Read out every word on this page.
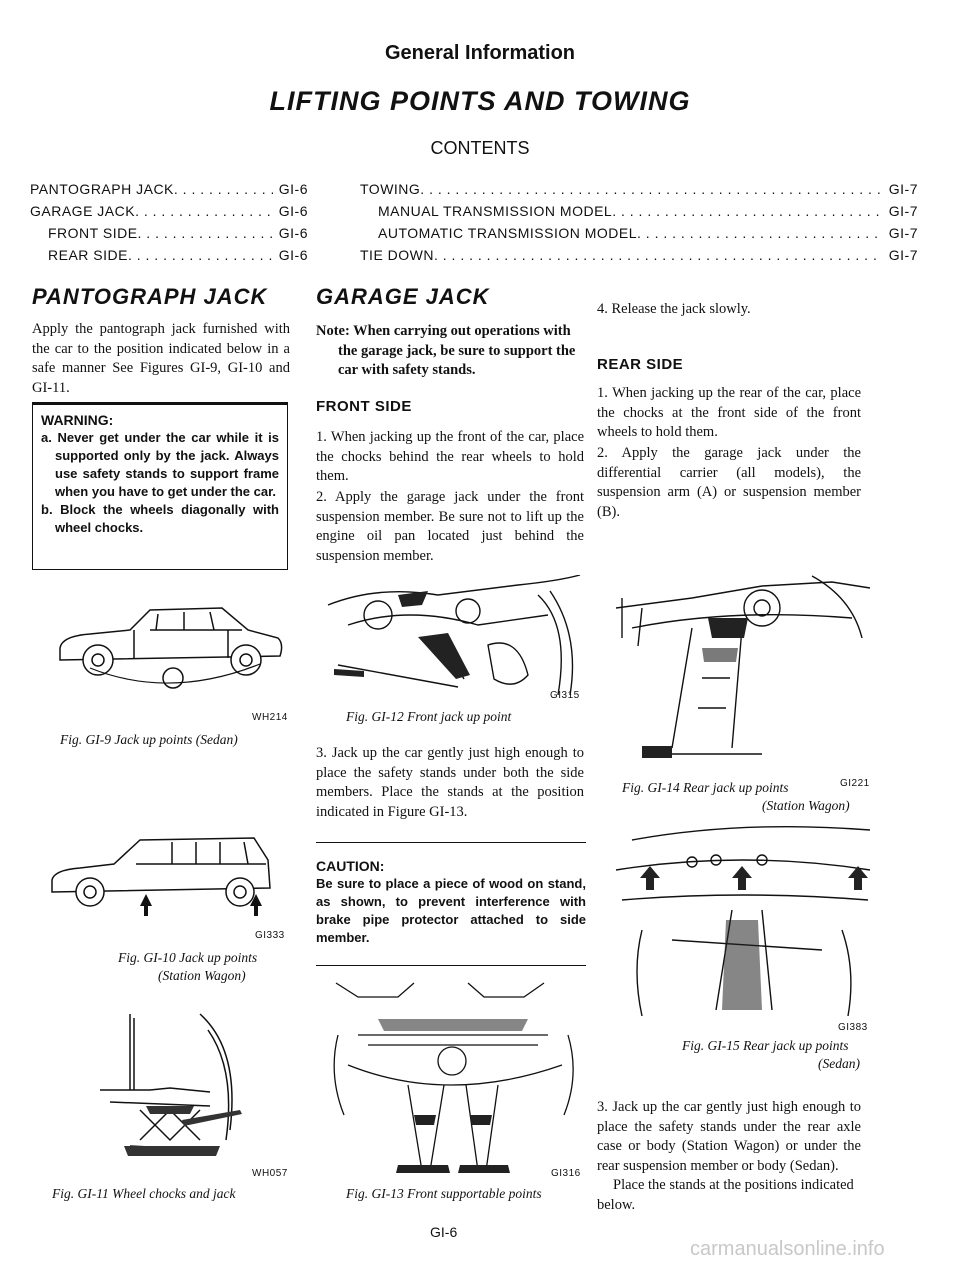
General Information
LIFTING POINTS AND TOWING
CONTENTS
PANTOGRAPH JACK . . .	GI-6
GARAGE JACK . . .	GI-6
FRONT SIDE . . .	GI-6
REAR SIDE . . .	GI-6
TOWING . . .	GI-7
MANUAL TRANSMISSION MODEL . . .	GI-7
AUTOMATIC TRANSMISSION MODEL . . .	GI-7
TIE DOWN . . .	GI-7
PANTOGRAPH JACK

Apply the pantograph jack furnished with the car to the position indicated below in a safe manner See Figures GI-9, GI-10 and GI-11.

WARNING:
a. Never get under the car while it is supported only by the jack. Always use safety stands to support frame when you have to get under the car.
b. Block the wheels diagonally with wheel chocks.
WH214
Fig. GI-9 Jack up points (Sedan)
GI333
Fig. GI-10 Jack up points
(Station Wagon)
WH057
Fig. GI-11 Wheel chocks and jack
GARAGE JACK

Note: When carrying out operations with the garage jack, be sure to support the car with safety stands.

FRONT SIDE

1. When jacking up the front of the car, place the chocks behind the rear wheels to hold them.

2. Apply the garage jack under the front suspension member. Be sure not to lift up the engine oil pan located just behind the suspension member.

GI315
Fig. GI-12 Front jack up point

3. Jack up the car gently just high enough to place the safety stands under both the side members. Place the stands at the position indicated in Figure GI-13.

CAUTION:
Be sure to place a piece of wood on stand, as shown, to prevent interference with brake pipe protector attached to side member.
GI316
Fig. GI-13 Front supportable points

4. Release the jack slowly.

REAR SIDE

1. When jacking up the rear of the car, place the chocks at the front side of the front wheels to hold them.

2. Apply the garage jack under the differential carrier (all models), the suspension arm (A) or suspension member (B).

GI221
Fig. GI-14 Rear jack up points
(Station Wagon)
GI383
Fig. GI-15 Rear jack up points
(Sedan)

3. Jack up the car gently just high enough to place the safety stands under the rear axle case or body (Station Wagon) or under the rear suspension member or body (Sedan).

Place the stands at the positions indicated below.

GI-6
carmanualsonline.info
